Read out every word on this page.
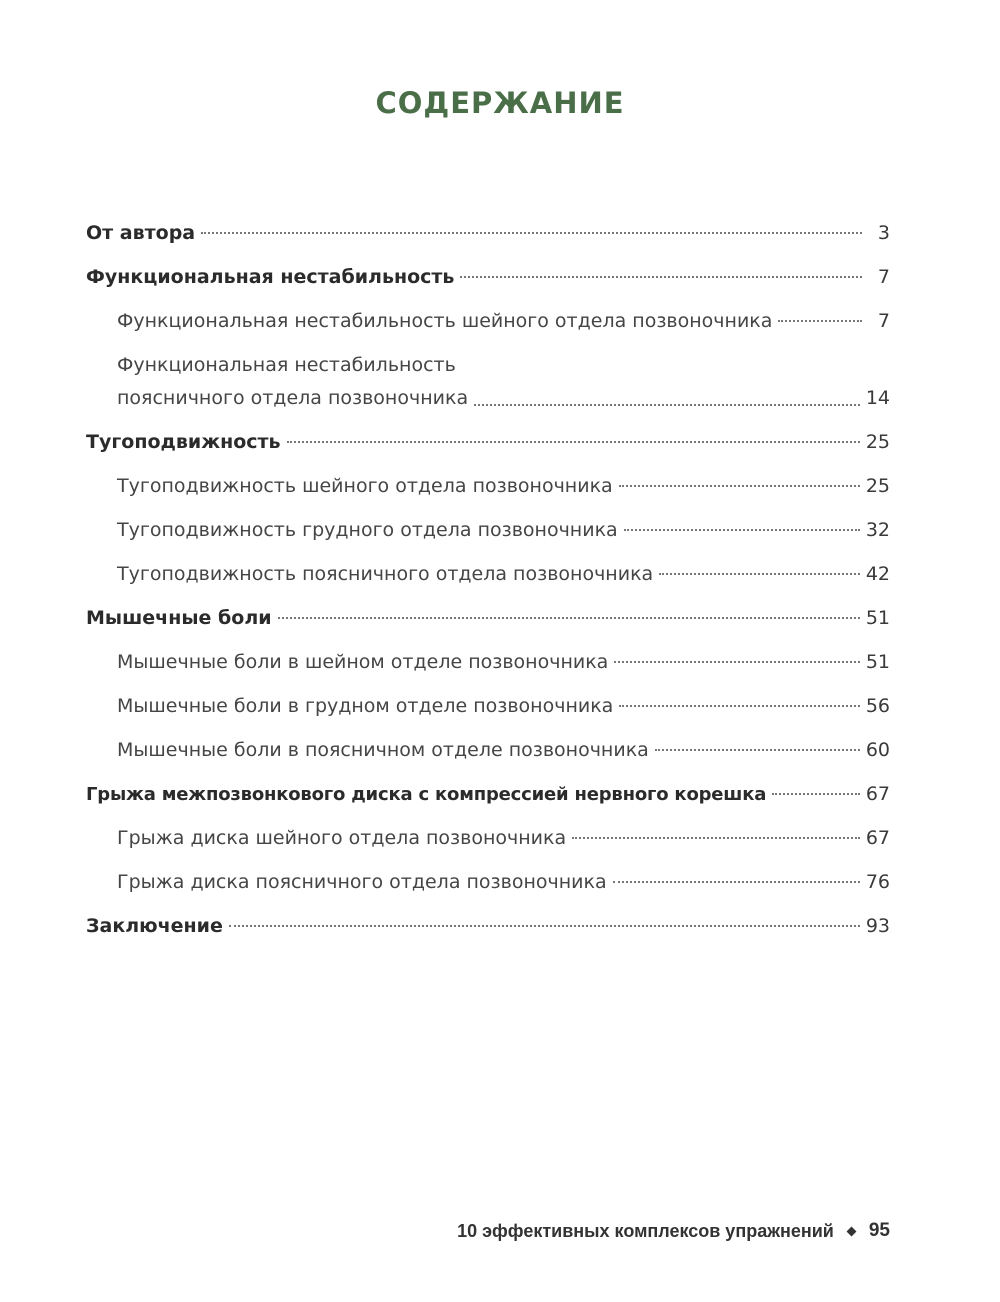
СОДЕРЖАНИЕ
От автора	3
Функциональная нестабильность	7
Функциональная нестабильность шейного отдела позвоночника	7
Функциональная нестабильность
поясничного отдела позвоночника	14
Тугоподвижность	25
Тугоподвижность шейного отдела позвоночника	25
Тугоподвижность грудного отдела позвоночника	32
Тугоподвижность поясничного отдела позвоночника	42
Мышечные боли	51
Мышечные боли в шейном отделе позвоночника	51
Мышечные боли в грудном отделе позвоночника	56
Мышечные боли в поясничном отделе позвоночника	60
Грыжа межпозвонкового диска с компрессией нервного корешка	67
Грыжа диска шейного отдела позвоночника	67
Грыжа диска поясничного отдела позвоночника	76
Заключение	93
10 эффективных комплексов упражнений 95
